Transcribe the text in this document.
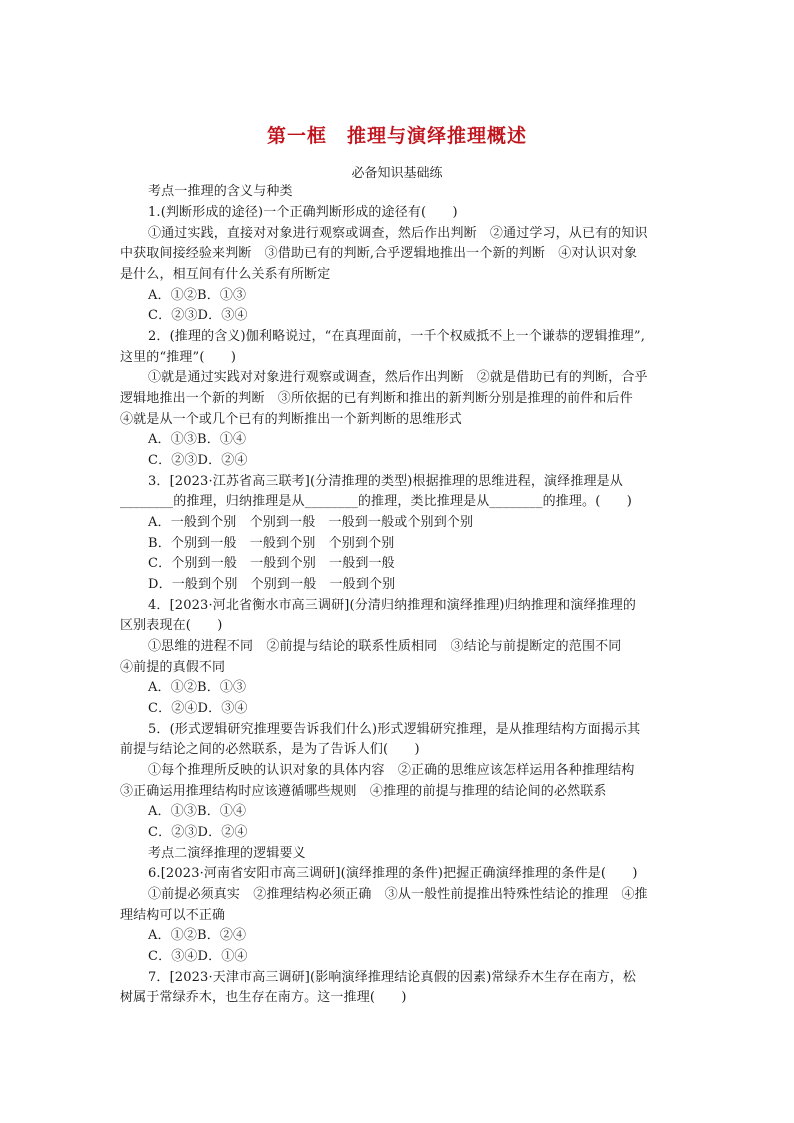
第一框　推理与演绎推理概述
必备知识基础练
考点一推理的含义与种类
1.(判断形成的途径)一个正确判断形成的途径有(　　)
①通过实践，直接对对象进行观察或调查，然后作出判断　②通过学习，从已有的知识
中获取间接经验来判断　③借助已有的判断,合乎逻辑地推出一个新的判断　④对认识对象
是什么，相互间有什么关系有所断定
A．①②B．①③
C．②③D．③④
2．(推理的含义)伽利略说过，“在真理面前，一千个权威抵不上一个谦恭的逻辑推理”,
这里的“推理”(　　)
①就是通过实践对对象进行观察或调查，然后作出判断　②就是借助已有的判断，合乎
逻辑地推出一个新的判断　③所依据的已有判断和推出的新判断分别是推理的前件和后件
④就是从一个或几个已有的判断推出一个新判断的思维形式
A．①③B．①④
C．②③D．②④
3．[2023·江苏省高三联考](分清推理的类型)根据推理的思维进程，演绎推理是从
________的推理，归纳推理是从________的推理，类比推理是从________的推理。(　　)
A．一般到个别　个别到一般　一般到一般或个别到个别
B．个别到一般　一般到个别　个别到个别
C．个别到一般　一般到个别　一般到一般
D．一般到个别　个别到一般　一般到个别
4．[2023·河北省衡水市高三调研](分清归纳推理和演绎推理)归纳推理和演绎推理的
区别表现在(　　)
①思维的进程不同　②前提与结论的联系性质相同　③结论与前提断定的范围不同
④前提的真假不同
A．①②B．①③
C．②④D．③④
5．(形式逻辑研究推理要告诉我们什么)形式逻辑研究推理，是从推理结构方面揭示其
前提与结论之间的必然联系，是为了告诉人们(　　)
①每个推理所反映的认识对象的具体内容　②正确的思维应该怎样运用各种推理结构
③正确运用推理结构时应该遵循哪些规则　④推理的前提与推理的结论间的必然联系
A．①③B．①④
C．②③D．②④
考点二演绎推理的逻辑要义
6.[2023·河南省安阳市高三调研](演绎推理的条件)把握正确演绎推理的条件是(　　)
①前提必须真实　②推理结构必须正确　③从一般性前提推出特殊性结论的推理　④推
理结构可以不正确
A．①②B．②④
C．③④D．①④
7．[2023·天津市高三调研](影响演绎推理结论真假的因素)常绿乔木生存在南方，松
树属于常绿乔木，也生存在南方。这一推理(　　)
